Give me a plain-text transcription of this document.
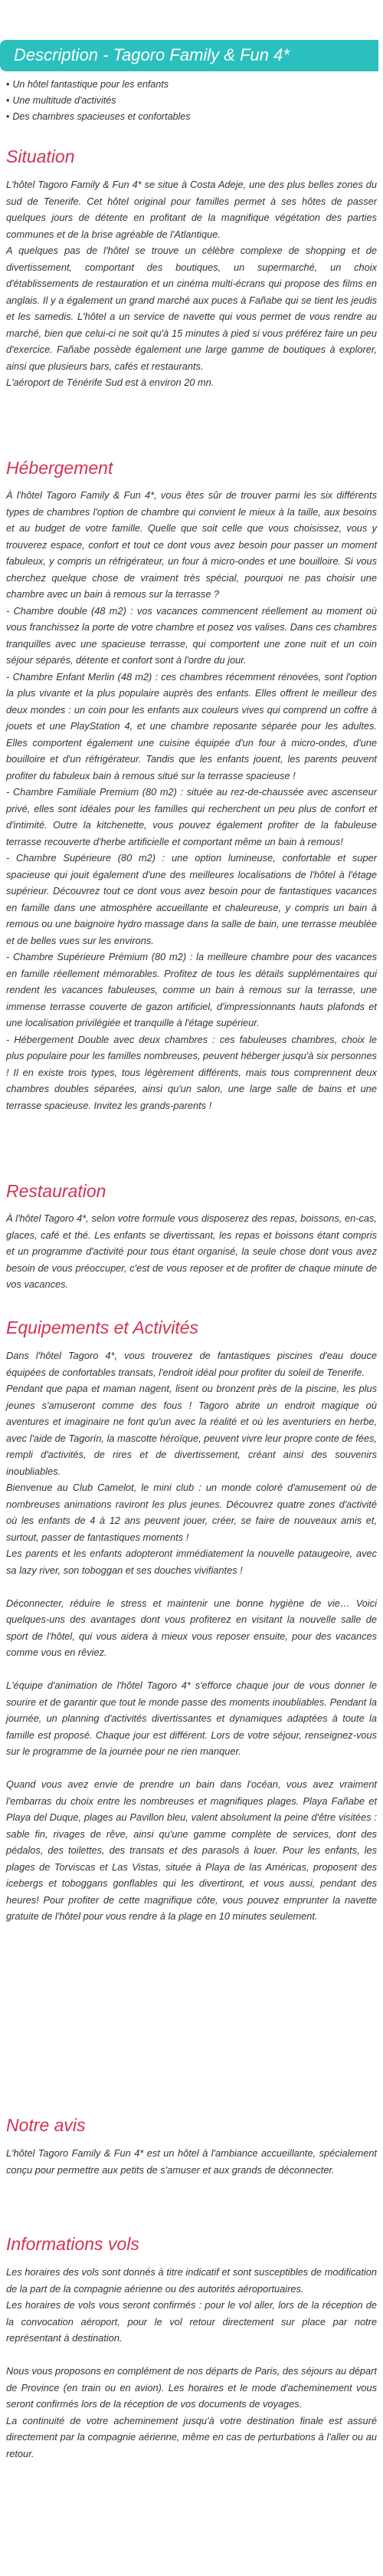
Description - Tagoro Family & Fun 4*
• Un hôtel fantastique pour les enfants
• Une multitude d'activités
• Des chambres spacieuses et confortables
Situation

L'hôtel Tagoro Family & Fun 4* se situe à Costa Adeje, une des plus belles zones du sud de Tenerife. Cet hôtel original pour familles permet à ses hôtes de passer quelques jours de détente en profitant de la magnifique végétation des parties communes et de la brise agréable de l'Atlantique.

A quelques pas de l'hôtel se trouve un célèbre complexe de shopping et de divertissement, comportant des boutiques, un supermarché, un choix d'établissements de restauration et un cinéma multi-écrans qui propose des films en anglais. Il y a également un grand marché aux puces à Fañabe qui se tient les jeudis et les samedis. L'hôtel a un service de navette qui vous permet de vous rendre au marché, bien que celui-ci ne soit qu'à 15 minutes à pied si vous préférez faire un peu d'exercice. Fañabe possède également une large gamme de boutiques à explorer, ainsi que plusieurs bars, cafés et restaurants.

L'aéroport de Ténérife Sud est à environ 20 mn.

Hébergement

À l'hôtel Tagoro Family & Fun 4*, vous êtes sûr de trouver parmi les six différents types de chambres l'option de chambre qui convient le mieux à la taille, aux besoins et au budget de votre famille. Quelle que soit celle que vous choisissez, vous y trouverez espace, confort et tout ce dont vous avez besoin pour passer un moment fabuleux, y compris un réfrigérateur, un four à micro-ondes et une bouilloire. Si vous cherchez quelque chose de vraiment très spécial, pourquoi ne pas choisir une chambre avec un bain à remous sur la terrasse ?

- Chambre double (48 m2) : vos vacances commencent réellement au moment où vous franchissez la porte de votre chambre et posez vos valises. Dans ces chambres tranquilles avec une spacieuse terrasse, qui comportent une zone nuit et un coin séjour séparés, détente et confort sont à l'ordre du jour.

- Chambre Enfant Merlin (48 m2) : ces chambres récemment rénovées, sont l'option la plus vivante et la plus populaire auprès des enfants. Elles offrent le meilleur des deux mondes : un coin pour les enfants aux couleurs vives qui comprend un coffre à jouets et une PlayStation 4, et une chambre reposante séparée pour les adultes. Elles comportent également une cuisine équipée d'un four à micro-ondes, d'une bouilloire et d'un réfrigérateur. Tandis que les enfants jouent, les parents peuvent profiter du fabuleux bain à remous situé sur la terrasse spacieuse !

- Chambre Familiale Premium (80 m2) : située au rez-de-chaussée avec ascenseur privé, elles sont idéales pour les familles qui recherchent un peu plus de confort et d'intimité. Outre la kitchenette, vous pouvez également profiter de la fabuleuse terrasse recouverte d'herbe artificielle et comportant même un bain à remous!

- Chambre Supérieure (80 m2) : une option lumineuse, confortable et super spacieuse qui jouit également d'une des meilleures localisations de l'hôtel à l'étage supérieur. Découvrez tout ce dont vous avez besoin pour de fantastiques vacances en famille dans une atmosphère accueillante et chaleureuse, y compris un bain à remous ou une baignoire hydro massage dans la salle de bain, une terrasse meublée et de belles vues sur les environs.

- Chambre Supérieure Prémium (80 m2) : la meilleure chambre pour des vacances en famille réellement mémorables. Profitez de tous les détails supplémentaires qui rendent les vacances fabuleuses, comme un bain à remous sur la terrasse, une immense terrasse couverte de gazon artificiel, d'impressionnants hauts plafonds et une localisation privilégiée et tranquille à l'étage supérieur.

- Hébergement Double avec deux chambres : ces fabuleuses chambres, choix le plus populaire pour les familles nombreuses, peuvent héberger jusqu'à six personnes ! Il en existe trois types, tous légèrement différents, mais tous comprennent deux chambres doubles séparées, ainsi qu'un salon, une large salle de bains et une terrasse spacieuse. Invitez les grands-parents !

Restauration

À l'hôtel Tagoro 4*, selon votre formule vous disposerez des repas, boissons, en-cas, glaces, café et thé. Les enfants se divertissant, les repas et boissons étant compris et un programme d'activité pour tous étant organisé, la seule chose dont vous avez besoin de vous préoccuper, c'est de vous reposer et de profiter de chaque minute de vos vacances.

Equipements et Activités

Dans l'hôtel Tagoro 4*, vous trouverez de fantastiques piscines d'eau douce équipées de confortables transats, l'endroit idéal pour profiter du soleil de Tenerife.

Pendant que papa et maman nagent, lisent ou bronzent près de la piscine, les plus jeunes s'amuseront comme des fous ! Tagoro abrite un endroit magique où aventures et imaginaire ne font qu'un avec la réalité et où les aventuriers en herbe, avec l'aide de Tagorín, la mascotte héroïque, peuvent vivre leur propre conte de fées, rempli d'activités, de rires et de divertissement, créant ainsi des souvenirs inoubliables.

Bienvenue au Club Camelot, le mini club : un monde coloré d'amusement où de nombreuses animations raviront les plus jeunes. Découvrez quatre zones d'activité où les enfants de 4 à 12 ans peuvent jouer, créer, se faire de nouveaux amis et, surtout, passer de fantastiques moments !

Les parents et les enfants adopteront immédiatement la nouvelle pataugeoire, avec sa lazy river, son toboggan et ses douches vivifiantes !

Déconnecter, réduire le stress et maintenir une bonne hygiène de vie… Voici quelques-uns des avantages dont vous profiterez en visitant la nouvelle salle de sport de l'hôtel, qui vous aidera à mieux vous reposer ensuite, pour des vacances comme vous en rêviez.

L'équipe d'animation de l'hôtel Tagoro 4* s'efforce chaque jour de vous donner le sourire et de garantir que tout le monde passe des moments inoubliables. Pendant la journée, un planning d'activités divertissantes et dynamiques adaptées à toute la famille est proposé. Chaque jour est différent. Lors de votre séjour, renseignez-vous sur le programme de la journée pour ne rien manquer.

Quand vous avez envie de prendre un bain dans l'océan, vous avez vraiment l'embarras du choix entre les nombreuses et magnifiques plages. Playa Fañabe et Playa del Duque, plages au Pavillon bleu, valent absolument la peine d'être visitées : sable fin, rivages de rêve, ainsi qu'une gamme complète de services, dont des pédalos, des toilettes, des transats et des parasols à louer. Pour les enfants, les plages de Torviscas et Las Vistas, située à Playa de las Américas, proposent des icebergs et toboggans gonflables qui les divertiront, et vous aussi, pendant des heures! Pour profiter de cette magnifique côte, vous pouvez emprunter la navette gratuite de l'hôtel pour vous rendre à la plage en 10 minutes seulement.

Notre avis

L'hôtel Tagoro Family & Fun 4* est un hôtel à l'ambiance accueillante, spécialement conçu pour permettre aux petits de s'amuser et aux grands de déconnecter.

Informations vols

Les horaires des vols sont donnés à titre indicatif et sont susceptibles de modification de la part de la compagnie aérienne ou des autorités aéroportuaires.

Les horaires de vols vous seront confirmés : pour le vol aller, lors de la réception de la convocation aéroport, pour le vol retour directement sur place par notre représentant à destination.

Nous vous proposons en complément de nos départs de Paris, des séjours au départ de Province (en train ou en avion). Les horaires et le mode d'acheminement vous seront confirmés lors de la réception de vos documents de voyages.

La continuité de votre acheminement jusqu'à votre destination finale est assuré directement par la compagnie aérienne, même en cas de perturbations à l'aller ou au retour.
